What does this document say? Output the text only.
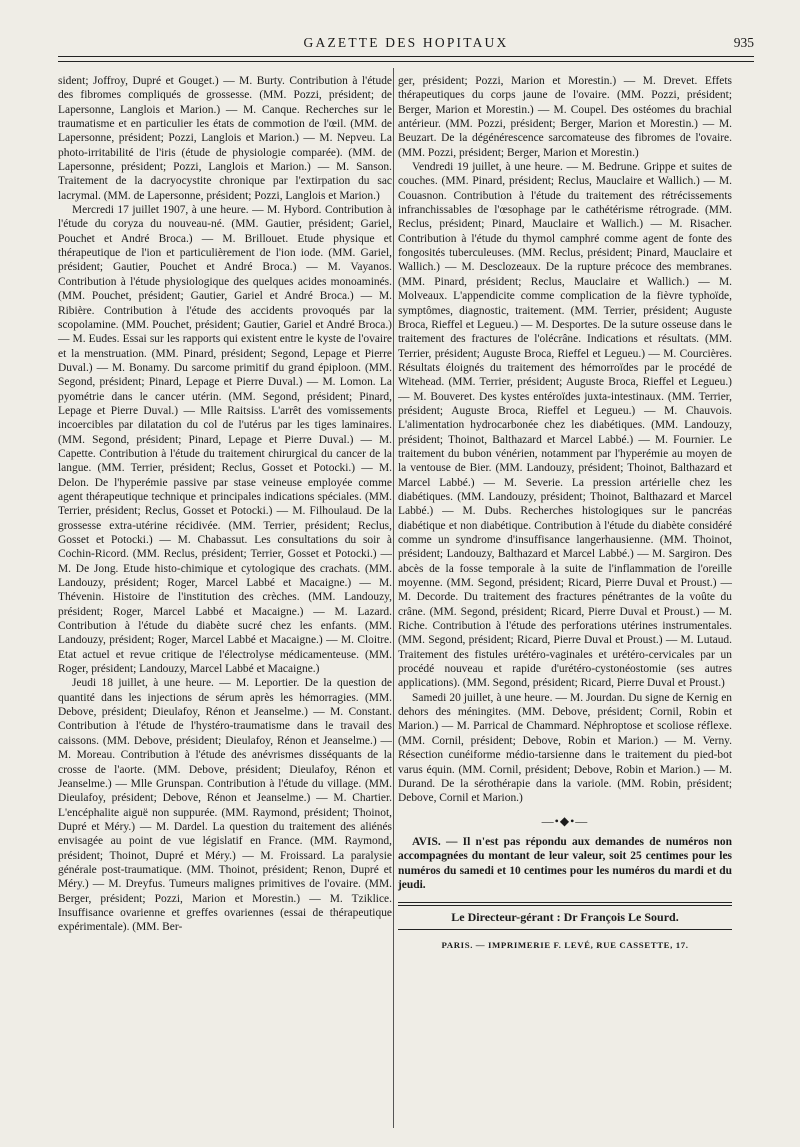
GAZETTE DES HOPITAUX	935

sident; Joffroy, Dupré et Gouget.) — M. Burty. Contribution à l'étude des fibromes compliqués de grossesse. (MM. Pozzi, président; de Lapersonne, Langlois et Marion.) — M. Canque. Recherches sur le traumatisme et en particulier les états de commotion de l'œil. (MM. de Lapersonne, président; Pozzi, Langlois et Marion.) — M. Nepveu. La photo-irritabilité de l'iris (étude de physiologie comparée). (MM. de Lapersonne, président; Pozzi, Langlois et Marion.) — M. Sanson. Traitement de la dacryocystite chronique par l'extirpation du sac lacrymal. (MM. de Lapersonne, président; Pozzi, Langlois et Marion.)

Mercredi 17 juillet 1907, à une heure. — M. Hybord. Contribution à l'étude du coryza du nouveau-né. (MM. Gautier, président; Gariel, Pouchet et André Broca.) — M. Brillouet. Etude physique et thérapeutique de l'ion et particulièrement de l'ion iode. (MM. Gariel, président; Gautier, Pouchet et André Broca.) — M. Vayanos. Contribution à l'étude physiologique des quelques acides monoaminés. (MM. Pouchet, président; Gautier, Gariel et André Broca.) — M. Ribière. Contribution à l'étude des accidents provoqués par la scopolamine. (MM. Pouchet, président; Gautier, Gariel et André Broca.) — M. Eudes. Essai sur les rapports qui existent entre le kyste de l'ovaire et la menstruation. (MM. Pinard, président; Segond, Lepage et Pierre Duval.) — M. Bonamy. Du sarcome primitif du grand épiploon. (MM. Segond, président; Pinard, Lepage et Pierre Duval.) — M. Lomon. La pyométrie dans le cancer utérin. (MM. Segond, président; Pinard, Lepage et Pierre Duval.) — Mlle Raitsiss. L'arrêt des vomissements incoercibles par dilatation du col de l'utérus par les tiges laminaires. (MM. Segond, président; Pinard, Lepage et Pierre Duval.) — M. Capette. Contribution à l'étude du traitement chirurgical du cancer de la langue. (MM. Terrier, président; Reclus, Gosset et Potocki.) — M. Delon. De l'hyperémie passive par stase veineuse employée comme agent thérapeutique technique et principales indications spéciales. (MM. Terrier, président; Reclus, Gosset et Potocki.) — M. Filhoulaud. De la grossesse extra-utérine récidivée. (MM. Terrier, président; Reclus, Gosset et Potocki.) — M. Chabassut. Les consultations du soir à Cochin-Ricord. (MM. Reclus, président; Terrier, Gosset et Potocki.) — M. De Jong. Etude histo-chimique et cytologique des crachats. (MM. Landouzy, président; Roger, Marcel Labbé et Macaigne.) — M. Thévenin. Histoire de l'institution des crèches. (MM. Landouzy, président; Roger, Marcel Labbé et Macaigne.) — M. Lazard. Contribution à l'étude du diabète sucré chez les enfants. (MM. Landouzy, président; Roger, Marcel Labbé et Macaigne.) — M. Cloitre. Etat actuel et revue critique de l'électrolyse médicamenteuse. (MM. Roger, président; Landouzy, Marcel Labbé et Macaigne.)

Jeudi 18 juillet, à une heure. — M. Leportier. De la question de quantité dans les injections de sérum après les hémorragies. (MM. Debove, président; Dieulafoy, Rénon et Jeanselme.) — M. Constant. Contribution à l'étude de l'hystéro-traumatisme dans le travail des caissons. (MM. Debove, président; Dieulafoy, Rénon et Jeanselme.) — M. Moreau. Contribution à l'étude des anévrismes disséquants de la crosse de l'aorte. (MM. Debove, président; Dieulafoy, Rénon et Jeanselme.) — Mlle Grunspan. Contribution à l'étude du village. (MM. Dieulafoy, président; Debove, Rénon et Jeanselme.) — M. Chartier. L'encéphalite aiguë non suppurée. (MM. Raymond, président; Thoinot, Dupré et Méry.) — M. Dardel. La question du traitement des aliénés envisagée au point de vue législatif en France. (MM. Raymond, président; Thoinot, Dupré et Méry.) — M. Froissard. La paralysie générale post-traumatique. (MM. Thoinot, président; Renon, Dupré et Méry.) — M. Dreyfus. Tumeurs malignes primitives de l'ovaire. (MM. Berger, président; Pozzi, Marion et Morestin.) — M. Tziklice. Insuffisance ovarienne et greffes ovariennes (essai de thérapeutique expérimentale). (MM. Ber-

ger, président; Pozzi, Marion et Morestin.) — M. Drevet. Effets thérapeutiques du corps jaune de l'ovaire. (MM. Pozzi, président; Berger, Marion et Morestin.) — M. Coupel. Des ostéomes du brachial antérieur. (MM. Pozzi, président; Berger, Marion et Morestin.) — M. Beuzart. De la dégénérescence sarcomateuse des fibromes de l'ovaire. (MM. Pozzi, président; Berger, Marion et Morestin.)

Vendredi 19 juillet, à une heure. — M. Bedrune. Grippe et suites de couches. (MM. Pinard, président; Reclus, Mauclaire et Wallich.) — M. Couasnon. Contribution à l'étude du traitement des rétrécissements infranchissables de l'œsophage par le cathétérisme rétrograde. (MM. Reclus, président; Pinard, Mauclaire et Wallich.) — M. Risacher. Contribution à l'étude du thymol camphré comme agent de fonte des fongosités tuberculeuses. (MM. Reclus, président; Pinard, Mauclaire et Wallich.) — M. Desclozeaux. De la rupture précoce des membranes. (MM. Pinard, président; Reclus, Mauclaire et Wallich.) — M. Molveaux. L'appendicite comme complication de la fièvre typhoïde, symptômes, diagnostic, traitement. (MM. Terrier, président; Auguste Broca, Rieffel et Legueu.) — M. Desportes. De la suture osseuse dans le traitement des fractures de l'olécrâne. Indications et résultats. (MM. Terrier, président; Auguste Broca, Rieffel et Legueu.) — M. Courcières. Résultats éloignés du traitement des hémorroïdes par le procédé de Witehead. (MM. Terrier, président; Auguste Broca, Rieffel et Legueu.) — M. Bouveret. Des kystes entéroïdes juxta-intestinaux. (MM. Terrier, président; Auguste Broca, Rieffel et Legueu.) — M. Chauvois. L'alimentation hydrocarbonée chez les diabétiques. (MM. Landouzy, président; Thoinot, Balthazard et Marcel Labbé.) — M. Fournier. Le traitement du bubon vénérien, notamment par l'hyperémie au moyen de la ventouse de Bier. (MM. Landouzy, président; Thoinot, Balthazard et Marcel Labbé.) — M. Severie. La pression artérielle chez les diabétiques. (MM. Landouzy, président; Thoinot, Balthazard et Marcel Labbé.) — M. Dubs. Recherches histologiques sur le pancréas diabétique et non diabétique. Contribution à l'étude du diabète considéré comme un syndrome d'insuffisance langerhausienne. (MM. Thoinot, président; Landouzy, Balthazard et Marcel Labbé.) — M. Sargiron. Des abcès de la fosse temporale à la suite de l'inflammation de l'oreille moyenne. (MM. Segond, président; Ricard, Pierre Duval et Proust.) — M. Decorde. Du traitement des fractures pénétrantes de la voûte du crâne. (MM. Segond, président; Ricard, Pierre Duval et Proust.) — M. Riche. Contribution à l'étude des perforations utérines instrumentales. (MM. Segond, président; Ricard, Pierre Duval et Proust.) — M. Lutaud. Traitement des fistules urétéro-vaginales et urétéro-cervicales par un procédé nouveau et rapide d'urétéro-cystonéostomie (ses autres applications). (MM. Segond, président; Ricard, Pierre Duval et Proust.)

Samedi 20 juillet, à une heure. — M. Jourdan. Du signe de Kernig en dehors des méningites. (MM. Debove, président; Cornil, Robin et Marion.) — M. Parrical de Chammard. Néphroptose et scoliose réflexe. (MM. Cornil, président; Debove, Robin et Marion.) — M. Verny. Résection cunéiforme médio-tarsienne dans le traitement du pied-bot varus équin. (MM. Cornil, président; Debove, Robin et Marion.) — M. Durand. De la sérothérapie dans la variole. (MM. Robin, président; Debove, Cornil et Marion.)

—•◆•—

AVIS. — Il n'est pas répondu aux demandes de numéros non accompagnées du montant de leur valeur, soit 25 centimes pour les numéros du samedi et 10 centimes pour les numéros du mardi et du jeudi.

Le Directeur-gérant : Dr François Le Sourd.
PARIS. — IMPRIMERIE F. LEVÉ, RUE CASSETTE, 17.
